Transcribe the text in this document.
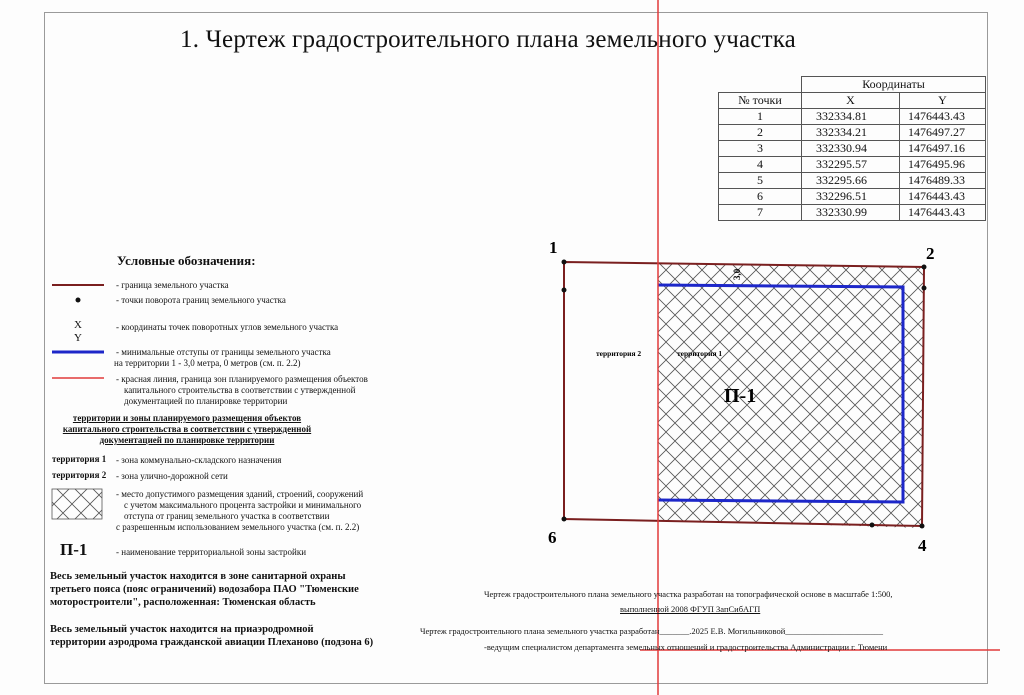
1. Чертеж градостроительного плана земельного участка
	Координаты	
№ точки	X	Y
1	332334.81	1476443.43
2	332334.21	1476497.27
3	332330.94	1476497.16
4	332295.57	1476495.96
5	332295.66	1476489.33
6	332296.51	1476443.43
7	332330.99	1476443.43
1	2
4
6
3,0
территория 2	территория 1
П-1
Условные обозначения:
- граница земельного участка
- точки поворота границ земельного участка
X
Y
- координаты точек поворотных углов земельного участка
- минимальные отступы от границы земельного участка
на территории 1 - 3,0 метра, 0 метров (см. п. 2.2)
- красная линия, граница зон планируемого размещения объектов
капитального строительства в соответствии с утвержденной
документацией по планировке территории
территории и зоны планируемого размещения объектов
капитального строительства в соответствии с утвержденной
документацией по планировке территории
территория 1 - зона коммунально-складского назначения
территория 2 - зона улично-дорожной сети
- место допустимого размещения зданий, строений, сооружений
с учетом максимального процента застройки и минимального
отступа от границ земельного участка в соответствии
с разрешенным использованием земельного участка (см. п. 2.2)
П-1	- наименование территориальной зоны застройки
Весь земельный участок находится в зоне санитарной охраны
третьего пояса (пояс ограничений) водозабора ПАО "Тюменские
моторостроители", расположенная: Тюменская область
Весь земельный участок находится на приаэродромной
территории аэродрома гражданской авиации Плеханово (подзона 6)
Чертеж градостроительного плана земельного участка разработан на топографической основе в масштабе 1:500,
выполненной 2008 ФГУП ЗапСибАГП
Чертеж градостроительного плана земельного участка разработан_______.2025 Е.В. Могильниковой_______________________
-ведущим специалистом департамента земельных отношений и градостроительства Администрации г. Тюмени
